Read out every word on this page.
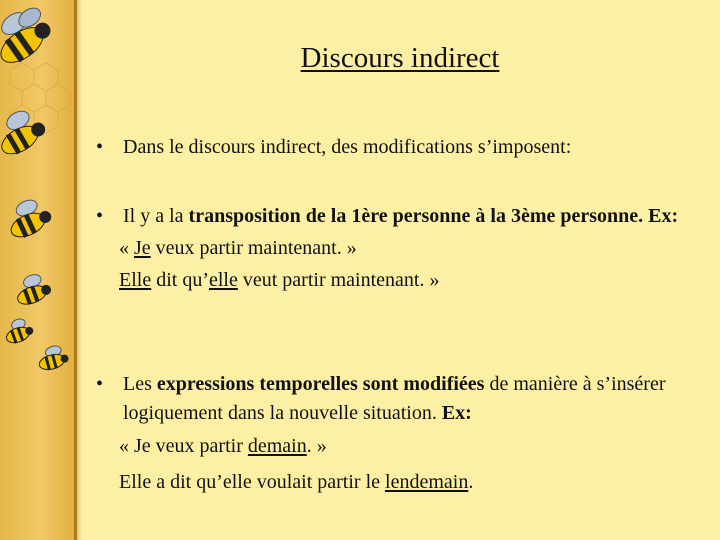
Discours indirect
• Dans le discours indirect, des modifications s’imposent:
• Il y a la transposition de la 1ère personne à la 3ème personne. Ex:
« Je veux partir maintenant. »
Elle dit qu’elle veut partir maintenant. »
• Les expressions temporelles sont modifiées de manière à s’insérer logiquement dans la nouvelle situation. Ex:
« Je veux partir demain. »
Elle a dit qu’elle voulait partir le lendemain.
